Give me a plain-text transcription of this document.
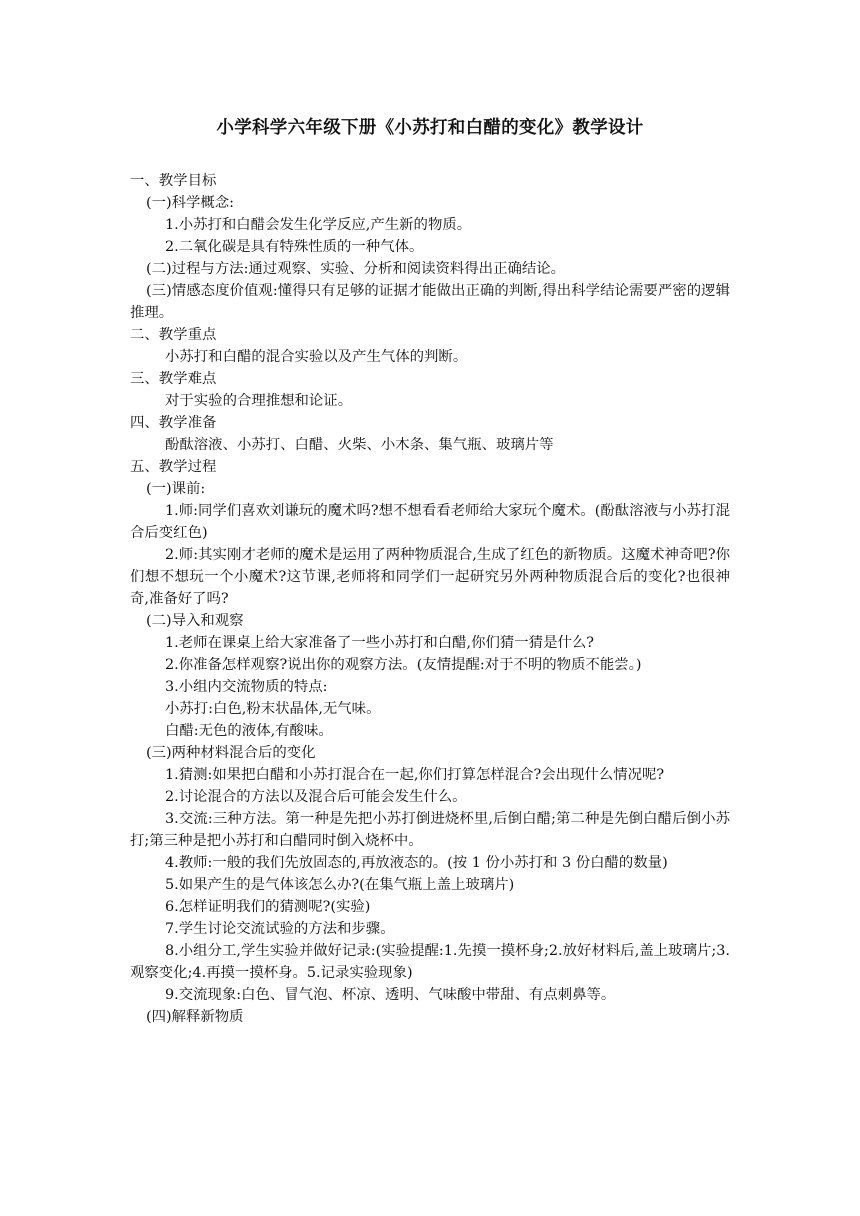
小学科学六年级下册《小苏打和白醋的变化》教学设计

一、教学目标

(一)科学概念:

1.小苏打和白醋会发生化学反应,产生新的物质。

2.二氧化碳是具有特殊性质的一种气体。

(二)过程与方法:通过观察、实验、分析和阅读资料得出正确结论。

(三)情感态度价值观:懂得只有足够的证据才能做出正确的判断,得出科学结论需要严密的逻辑推理。

二、教学重点

小苏打和白醋的混合实验以及产生气体的判断。

三、教学难点

对于实验的合理推想和论证。

四、教学准备

酚酞溶液、小苏打、白醋、火柴、小木条、集气瓶、玻璃片等

五、教学过程

(一)课前:

1.师:同学们喜欢刘谦玩的魔术吗?想不想看看老师给大家玩个魔术。(酚酞溶液与小苏打混合后变红色)

2.师:其实刚才老师的魔术是运用了两种物质混合,生成了红色的新物质。这魔术神奇吧?你们想不想玩一个小魔术?这节课,老师将和同学们一起研究另外两种物质混合后的变化?也很神奇,准备好了吗?

(二)导入和观察

1.老师在课桌上给大家准备了一些小苏打和白醋,你们猜一猜是什么?

2.你准备怎样观察?说出你的观察方法。(友情提醒:对于不明的物质不能尝。)

3.小组内交流物质的特点:

小苏打:白色,粉末状晶体,无气味。

白醋:无色的液体,有酸味。

(三)两种材料混合后的变化

1.猜测:如果把白醋和小苏打混合在一起,你们打算怎样混合?会出现什么情况呢?

2.讨论混合的方法以及混合后可能会发生什么。

3.交流:三种方法。第一种是先把小苏打倒进烧杯里,后倒白醋;第二种是先倒白醋后倒小苏打;第三种是把小苏打和白醋同时倒入烧杯中。

4.教师:一般的我们先放固态的,再放液态的。(按 1 份小苏打和 3 份白醋的数量)

5.如果产生的是气体该怎么办?(在集气瓶上盖上玻璃片)

6.怎样证明我们的猜测呢?(实验)

7.学生讨论交流试验的方法和步骤。

8.小组分工,学生实验并做好记录:(实验提醒:1.先摸一摸杯身;2.放好材料后,盖上玻璃片;3.观察变化;4.再摸一摸杯身。5.记录实验现象)

9.交流现象:白色、冒气泡、杯凉、透明、气味酸中带甜、有点刺鼻等。

(四)解释新物质
